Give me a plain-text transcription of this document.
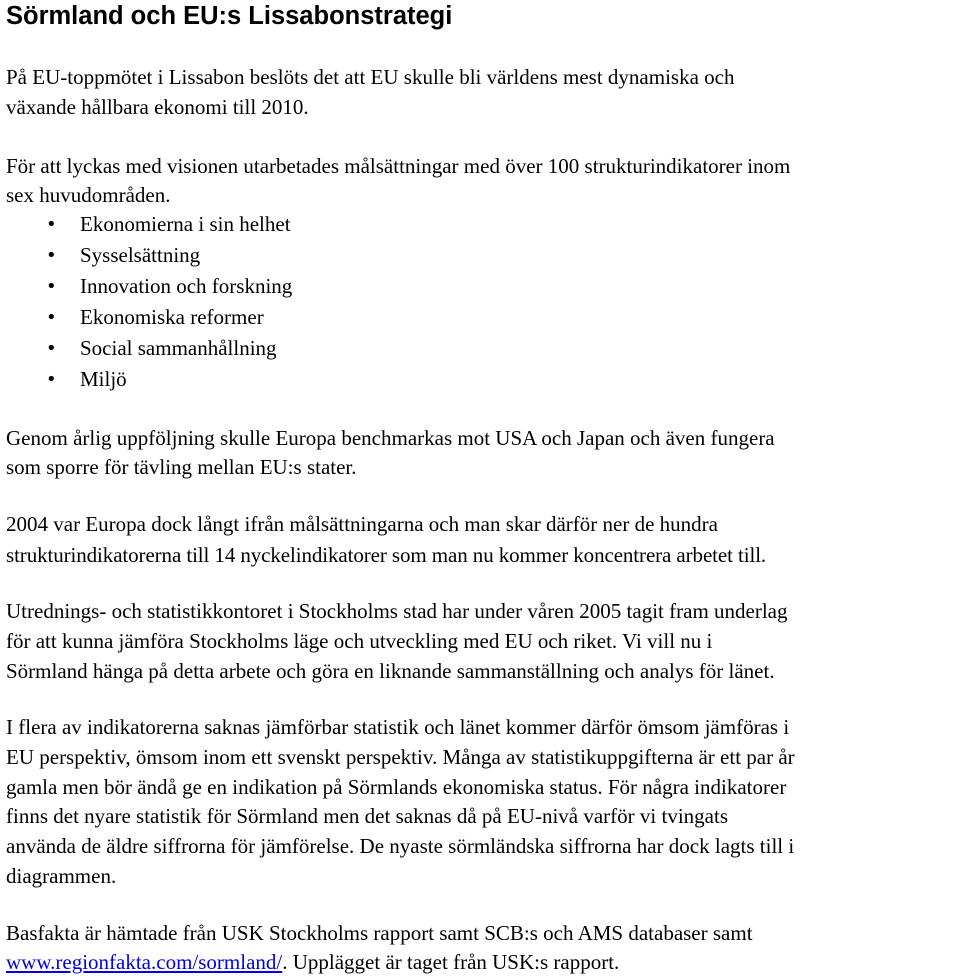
Sörmland och EU:s Lissabonstrategi

På EU-toppmötet i Lissabon beslöts det att EU skulle bli världens mest dynamiska och

växande hållbara ekonomi till 2010.

För att lyckas med visionen utarbetades målsättningar med över 100 strukturindikatorer inom

sex huvudområden.

• Ekonomierna i sin helhet
• Sysselsättning
• Innovation och forskning
• Ekonomiska reformer
• Social sammanhållning
• Miljö

Genom årlig uppföljning skulle Europa benchmarkas mot USA och Japan och även fungera

som sporre för tävling mellan EU:s stater.

2004 var Europa dock långt ifrån målsättningarna och man skar därför ner de hundra

strukturindikatorerna till 14 nyckelindikatorer som man nu kommer koncentrera arbetet till.

Utrednings- och statistikkontoret i Stockholms stad har under våren 2005 tagit fram underlag

för att kunna jämföra Stockholms läge och utveckling med EU och riket. Vi vill nu i

Sörmland hänga på detta arbete och göra en liknande sammanställning och analys för länet.

I flera av indikatorerna saknas jämförbar statistik och länet kommer därför ömsom jämföras i

EU perspektiv, ömsom inom ett svenskt perspektiv. Många av statistikuppgifterna är ett par år

gamla men bör ändå ge en indikation på Sörmlands ekonomiska status. För några indikatorer

finns det nyare statistik för Sörmland men det saknas då på EU-nivå varför vi tvingats

använda de äldre siffrorna för jämförelse. De nyaste sörmländska siffrorna har dock lagts till i

diagrammen.

Basfakta är hämtade från USK Stockholms rapport samt SCB:s och AMS databaser samt

www.regionfakta.com/sormland/. Upplägget är taget från USK:s rapport.
